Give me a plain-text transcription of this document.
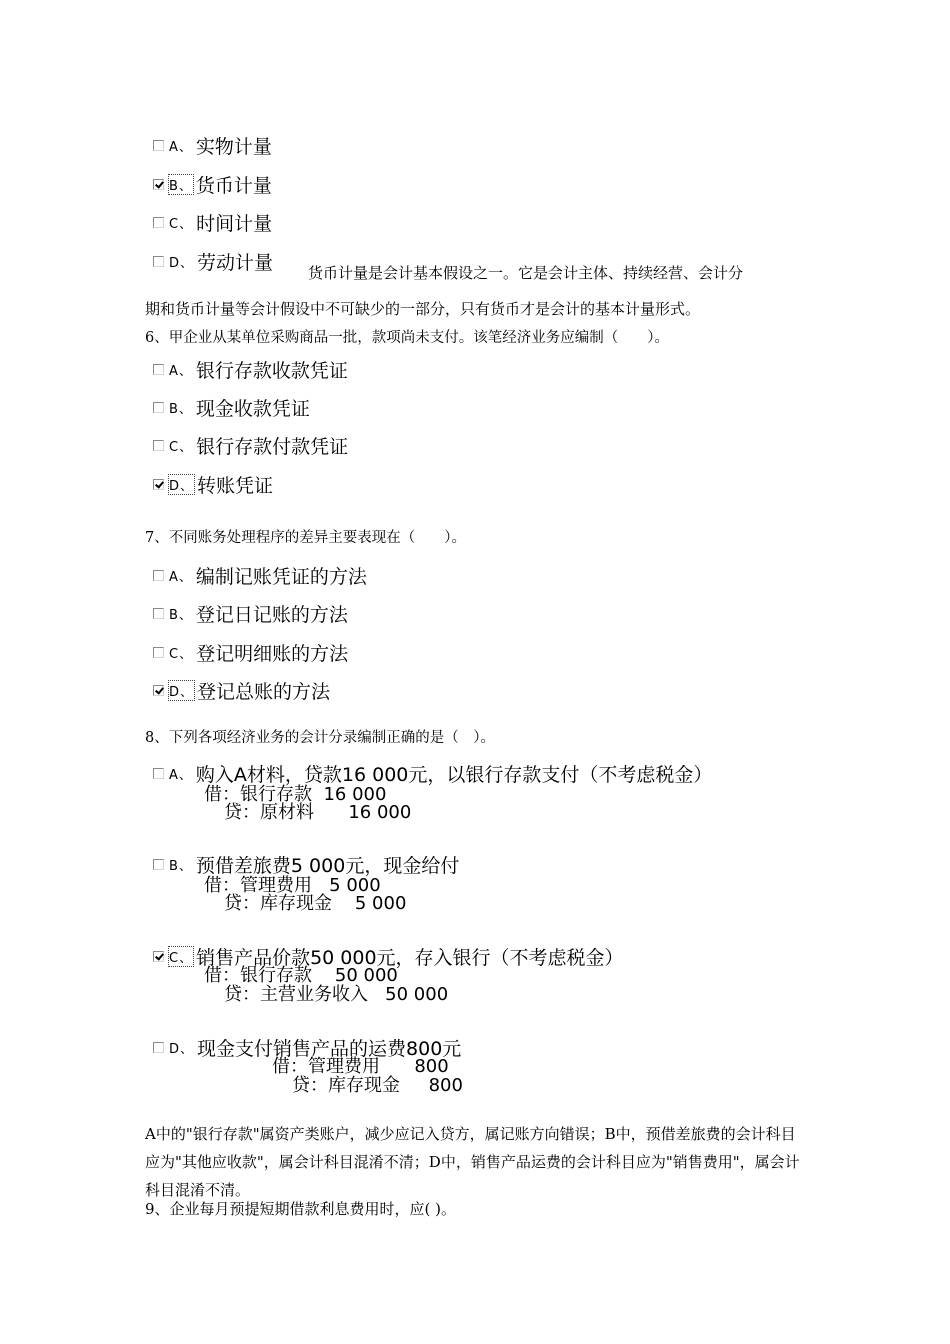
A、 实物计量
B、 货币计量
C、 时间计量
D、 劳动计量 货币计量是会计基本假设之一。它是会计主体、持续经营、会计分
期和货币计量等会计假设中不可缺少的一部分，只有货币才是会计的基本计量形式。
6、甲企业从某单位采购商品一批，款项尚未支付。该笔经济业务应编制（　　）。
A、 银行存款收款凭证
B、 现金收款凭证
C、 银行存款付款凭证
D、 转账凭证
7、不同账务处理程序的差异主要表现在（　　）。
A、 编制记账凭证的方法
B、 登记日记账的方法
C、 登记明细账的方法
D、 登记总账的方法
8、下列各项经济业务的会计分录编制正确的是（　）。
A、 购入A材料，贷款16 000元，以银行存款支付（不考虑税金）
借：银行存款  16 000
贷：原材料      16 000
B、 预借差旅费5 000元，现金给付
借：管理费用   5 000
贷：库存现金    5 000
C、 销售产品价款50 000元，存入银行（不考虑税金）
借：银行存款    50 000
贷：主营业务收入   50 000
D、 现金支付销售产品的运费800元
借：管理费用      800
贷：库存现金     800
A中的"银行存款"属资产类账户，减少应记入贷方，属记账方向错误；B中，预借差旅费的会计科目应为"其他应收款"，属会计科目混淆不清；D中，销售产品运费的会计科目应为"销售费用"，属会计科目混淆不清。
9、企业每月预提短期借款利息费用时，应( )。
